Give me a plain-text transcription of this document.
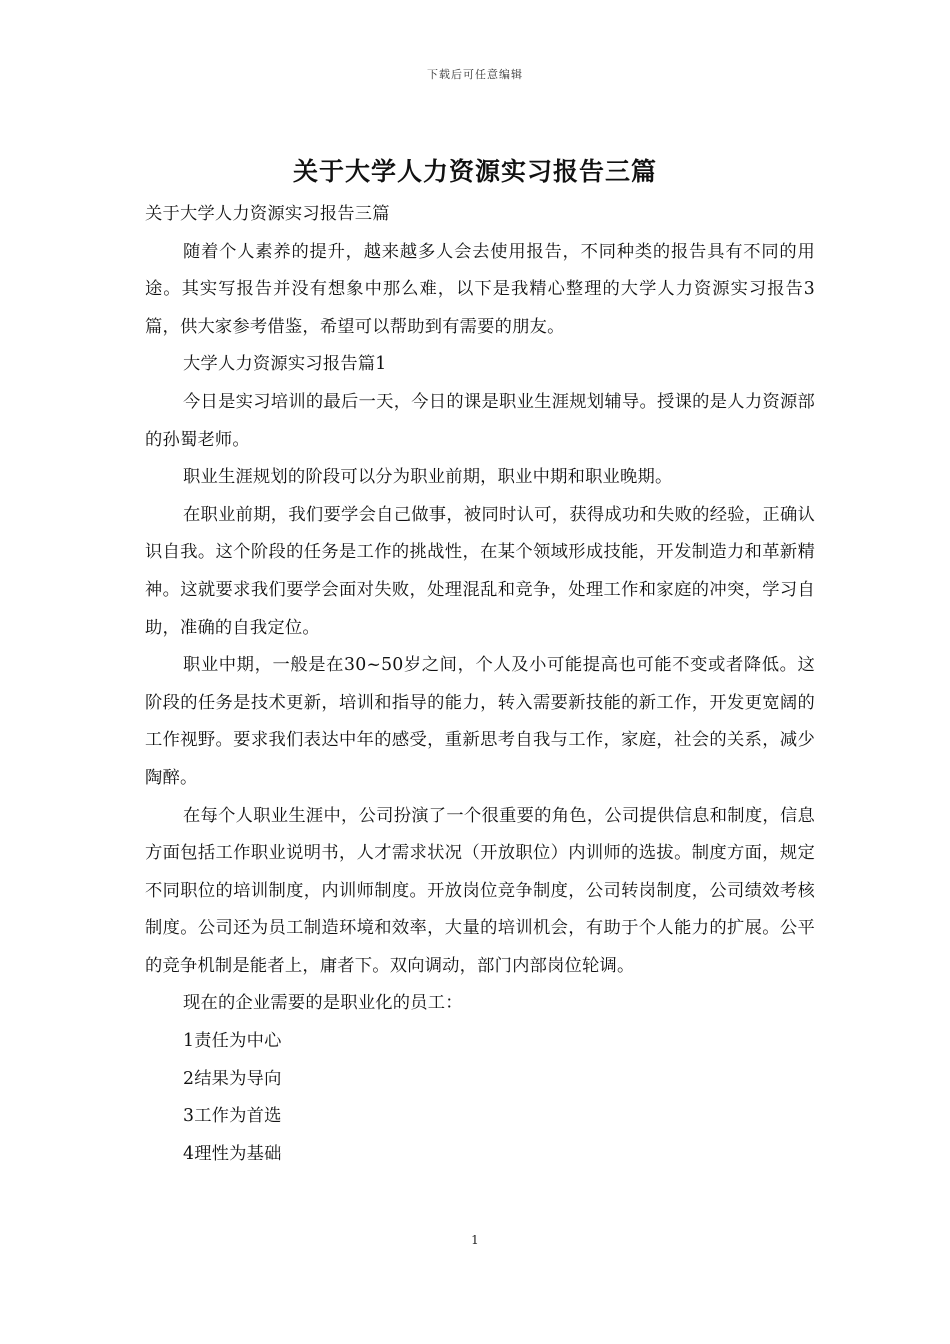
下载后可任意编辑
关于大学人力资源实习报告三篇

关于大学人力资源实习报告三篇

随着个人素养的提升，越来越多人会去使用报告，不同种类的报告具有不同的用途。其实写报告并没有想象中那么难，以下是我精心整理的大学人力资源实习报告3篇，供大家参考借鉴，希望可以帮助到有需要的朋友。

大学人力资源实习报告篇1

今日是实习培训的最后一天，今日的课是职业生涯规划辅导。授课的是人力资源部的孙蜀老师。

职业生涯规划的阶段可以分为职业前期，职业中期和职业晚期。

在职业前期，我们要学会自己做事，被同时认可，获得成功和失败的经验，正确认识自我。这个阶段的任务是工作的挑战性，在某个领域形成技能，开发制造力和革新精神。这就要求我们要学会面对失败，处理混乱和竞争，处理工作和家庭的冲突，学习自助，准确的自我定位。

职业中期，一般是在30~50岁之间，个人及小可能提高也可能不变或者降低。这阶段的任务是技术更新，培训和指导的能力，转入需要新技能的新工作，开发更宽阔的工作视野。要求我们表达中年的感受，重新思考自我与工作，家庭，社会的关系，减少陶醉。

在每个人职业生涯中，公司扮演了一个很重要的角色，公司提供信息和制度，信息方面包括工作职业说明书，人才需求状况（开放职位）内训师的选拔。制度方面，规定不同职位的培训制度，内训师制度。开放岗位竞争制度，公司转岗制度，公司绩效考核制度。公司还为员工制造环境和效率，大量的培训机会，有助于个人能力的扩展。公平的竞争机制是能者上，庸者下。双向调动，部门内部岗位轮调。

现在的企业需要的是职业化的员工：

1责任为中心

2结果为导向

3工作为首选

4理性为基础

1
